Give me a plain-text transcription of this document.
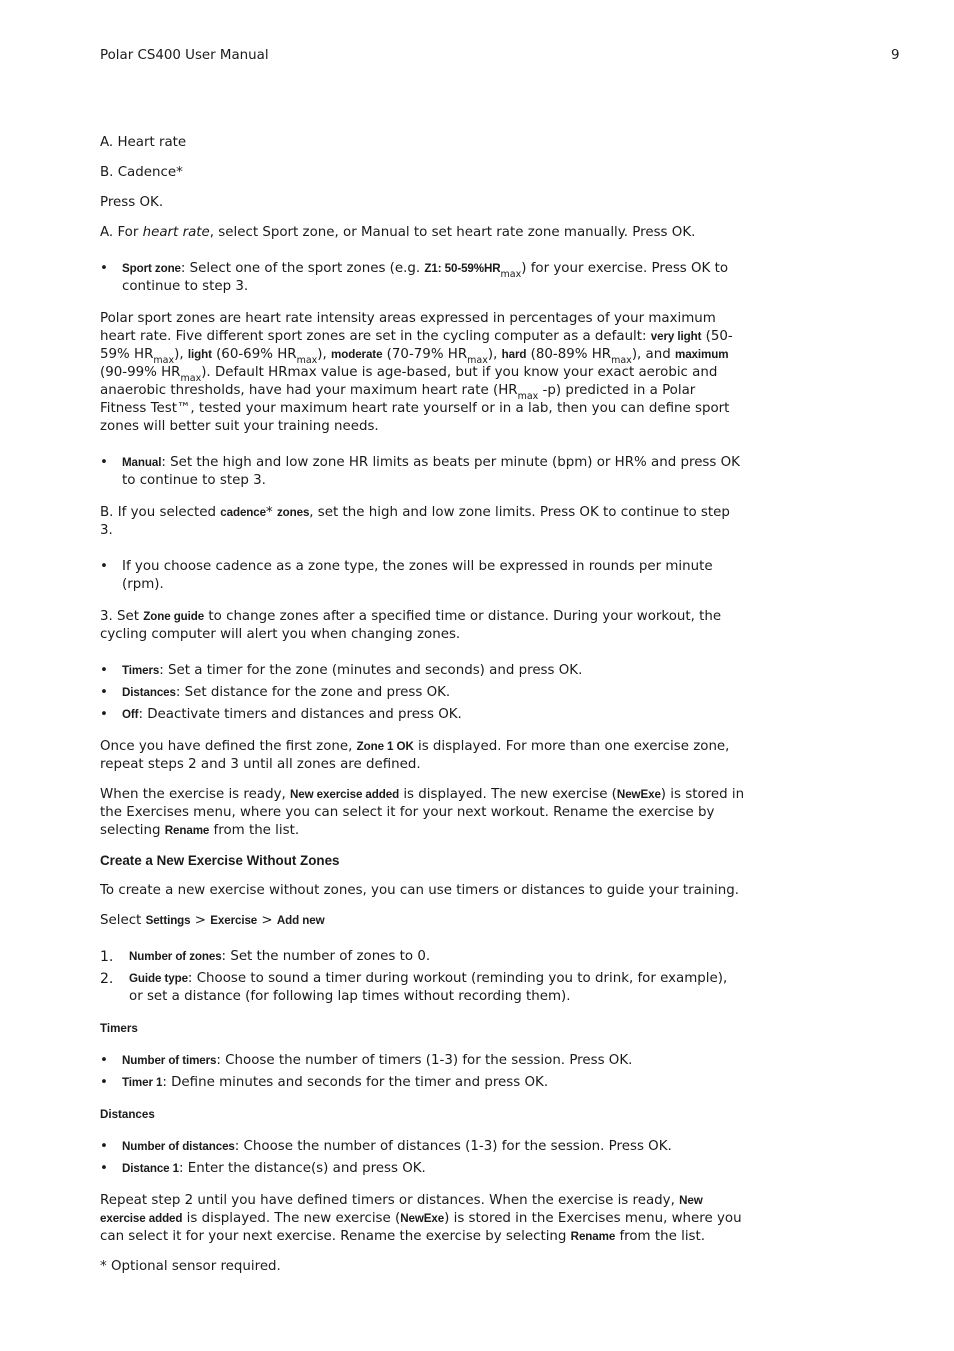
Polar CS400 User Manual	9

A. Heart rate

B. Cadence*

Press OK.

A. For heart rate, select Sport zone, or Manual to set heart rate zone manually. Press OK.

• Sport zone: Select one of the sport zones (e.g. Z1: $50-59\%HR_{max}$) for your exercise. Press OK to continue to step 3.

Polar sport zones are heart rate intensity areas expressed in percentages of your maximum heart rate. Five different sport zones are set in the cycling computer as a default: very light (50-59% $HR_{max}$), light (60-69% $HR_{max}$), moderate (70-79% $HR_{max}$), hard (80-89% $HR_{max}$), and maximum (90-99% $HR_{max}$). Default HRmax value is age-based, but if you know your exact aerobic and anaerobic thresholds, have had your maximum heart rate ($HR_{max}$ -p) predicted in a Polar Fitness Test™, tested your maximum heart rate yourself or in a lab, then you can define sport zones will better suit your training needs.

• Manual: Set the high and low zone HR limits as beats per minute (bpm) or HR% and press OK to continue to step 3.

B. If you selected cadence* zones, set the high and low zone limits. Press OK to continue to step 3.

• If you choose cadence as a zone type, the zones will be expressed in rounds per minute (rpm).

3. Set Zone guide to change zones after a specified time or distance. During your workout, the cycling computer will alert you when changing zones.

• Timers: Set a timer for the zone (minutes and seconds) and press OK.
• Distances: Set distance for the zone and press OK.
• Off: Deactivate timers and distances and press OK.

Once you have defined the first zone, Zone 1 OK is displayed. For more than one exercise zone, repeat steps 2 and 3 until all zones are defined.

When the exercise is ready, New exercise added is displayed. The new exercise (NewExe) is stored in the Exercises menu, where you can select it for your next workout. Rename the exercise by selecting Rename from the list.

Create a New Exercise Without Zones

To create a new exercise without zones, you can use timers or distances to guide your training.

Select Settings > Exercise > Add new

1. Number of zones: Set the number of zones to 0.
2. Guide type: Choose to sound a timer during workout (reminding you to drink, for example), or set a distance (for following lap times without recording them).
Timers
• Number of timers: Choose the number of timers (1-3) for the session. Press OK.
• Timer 1: Define minutes and seconds for the timer and press OK.
Distances
• Number of distances: Choose the number of distances (1-3) for the session. Press OK.
• Distance 1: Enter the distance(s) and press OK.

Repeat step 2 until you have defined timers or distances. When the exercise is ready, New exercise added is displayed. The new exercise (NewExe) is stored in the Exercises menu, where you can select it for your next exercise. Rename the exercise by selecting Rename from the list.

* Optional sensor required.
